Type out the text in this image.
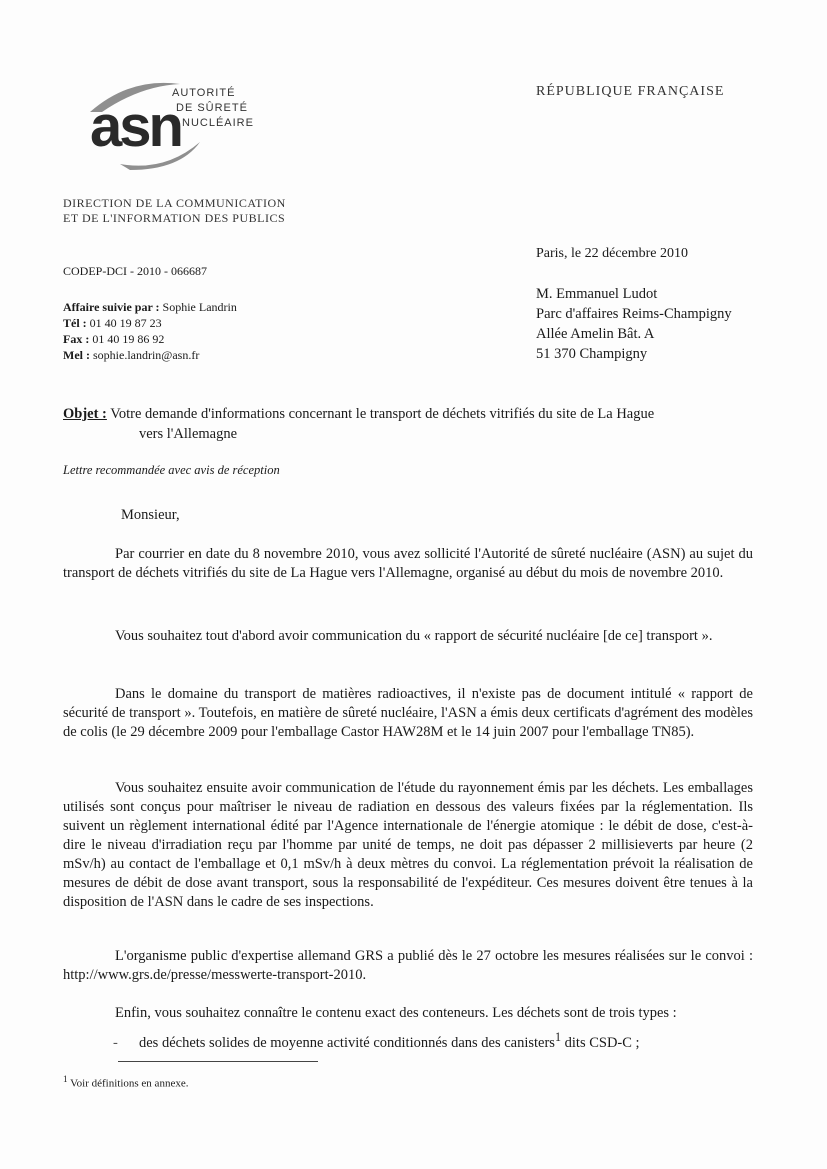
asn
AUTORITÉ
DE SÛRETÉ
NUCLÉAIRE
RÉPUBLIQUE FRANÇAISE
DIRECTION DE LA COMMUNICATION
ET DE L'INFORMATION DES PUBLICS
Paris, le 22 décembre 2010
CODEP-DCI - 2010 - 066687
M. Emmanuel Ludot
Parc d'affaires Reims-Champigny
Allée Amelin Bât. A
51 370 Champigny
Affaire suivie par : Sophie Landrin
Tél : 01 40 19 87 23
Fax : 01 40 19 86 92
Mel : sophie.landrin@asn.fr
Objet : Votre demande d'informations concernant le transport de déchets vitrifiés du site de La Hague
vers l'Allemagne
Lettre recommandée avec avis de réception
Monsieur,

Par courrier en date du 8 novembre 2010, vous avez sollicité l'Autorité de sûreté nucléaire (ASN) au sujet du transport de déchets vitrifiés du site de La Hague vers l'Allemagne, organisé au début du mois de novembre 2010.

Vous souhaitez tout d'abord avoir communication du « rapport de sécurité nucléaire [de ce] transport ».

Dans le domaine du transport de matières radioactives, il n'existe pas de document intitulé « rapport de sécurité de transport ». Toutefois, en matière de sûreté nucléaire, l'ASN a émis deux certificats d'agrément des modèles de colis (le 29 décembre 2009 pour l'emballage Castor HAW28M et le 14 juin 2007 pour l'emballage TN85).

Vous souhaitez ensuite avoir communication de l'étude du rayonnement émis par les déchets. Les emballages utilisés sont conçus pour maîtriser le niveau de radiation en dessous des valeurs fixées par la réglementation. Ils suivent un règlement international édité par l'Agence internationale de l'énergie atomique : le débit de dose, c'est-à-dire le niveau d'irradiation reçu par l'homme par unité de temps, ne doit pas dépasser 2 millisieverts par heure (2 mSv/h) au contact de l'emballage et 0,1 mSv/h à deux mètres du convoi. La réglementation prévoit la réalisation de mesures de débit de dose avant transport, sous la responsabilité de l'expéditeur. Ces mesures doivent être tenues à la disposition de l'ASN dans le cadre de ses inspections.

L'organisme public d'expertise allemand GRS a publié dès le 27 octobre les mesures réalisées sur le convoi : http://www.grs.de/presse/messwerte-transport-2010.

Enfin, vous souhaitez connaître le contenu exact des conteneurs. Les déchets sont de trois types :

- des déchets solides de moyenne activité conditionnés dans des canisters$^1$ dits CSD-C ;
$^1$ Voir définitions en annexe.
